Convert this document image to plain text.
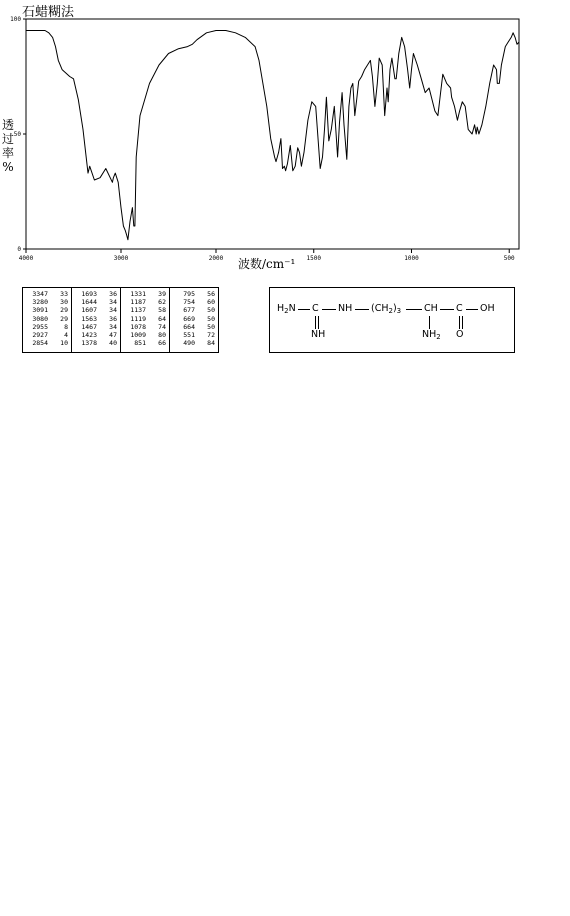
石蜡糊法
4000	3000	2000	1500	1000	500
100
50
0
透
过
率
%
波数/cm⁻¹
3347	33
3280	30
3091	29
3080	29
2955	8
2927	4
2854	10
1693	36
1644	34
1607	34
1563	36
1467	34
1423	47
1378	40
1331	39
1187	62
1137	58
1119	64
1078	74
1009	80
851	66
795	56
754	60
677	50
669	50
664	50
551	72
490	84
$H_2N$ C
NH
NH $(CH_2)_3$ CH
$NH_2$
C
O
OH
